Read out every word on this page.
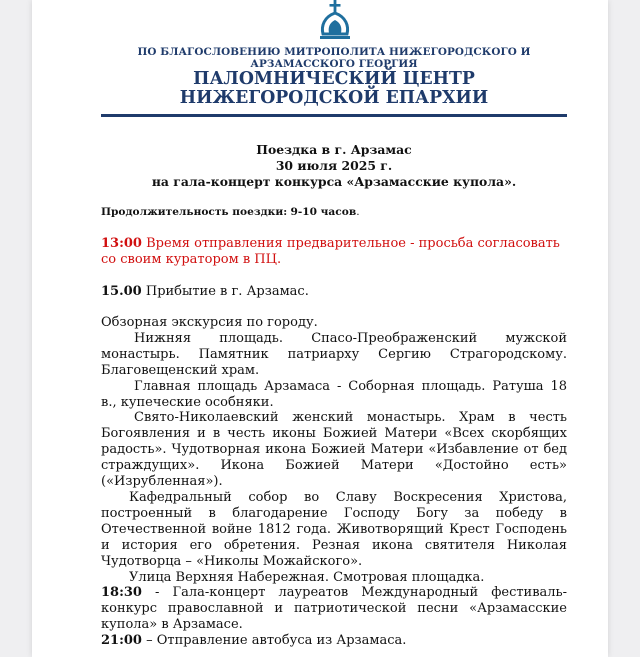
ПО БЛАГОСЛОВЕНИЮ МИТРОПОЛИТА НИЖЕГОРОДСКОГО И АРЗАМАССКОГО ГЕОРГИЯ
ПАЛОМНИЧЕСКИЙ ЦЕНТР НИЖЕГОРОДСКОЙ ЕПАРХИИ
Поездка в г. Арзамас
30 июля 2025 г.
на гала-концерт конкурса «Арзамасские купола».
Продолжительность поездки: 9-10 часов.
13:00 Время отправления предварительное - просьба согласовать со своим куратором в ПЦ.
15.00 Прибытие в г. Арзамас.

Обзорная экскурсия по городу.

Нижняя площадь. Спасо-Преображенский мужской монастырь. Памятник патриарху Сергию Страгородскому. Благовещенский храм.

Главная площадь Арзамаса - Соборная площадь. Ратуша 18 в., купеческие особняки.

Свято-Николаевский женский монастырь. Храм в честь Богоявления и в честь иконы Божией Матери «Всех скорбящих радость». Чудотворная икона Божией Матери «Избавление от бед страждущих». Икона Божией Матери «Достойно есть» («Изрубленная»).

Кафедральный собор во Славу Воскресения Христова, построенный в благодарение Господу Богу за победу в Отечественной войне 1812 года. Животворящий Крест Господень и история его обретения. Резная икона святителя Николая Чудотворца – «Николы Можайского».

Улица Верхняя Набережная. Смотровая площадка.

18:30 - Гала-концерт лауреатов Международный фестиваль-конкурс православной и патриотической песни «Арзамасские купола» в Арзамасе.

21:00 – Отправление автобуса из Арзамаса.
